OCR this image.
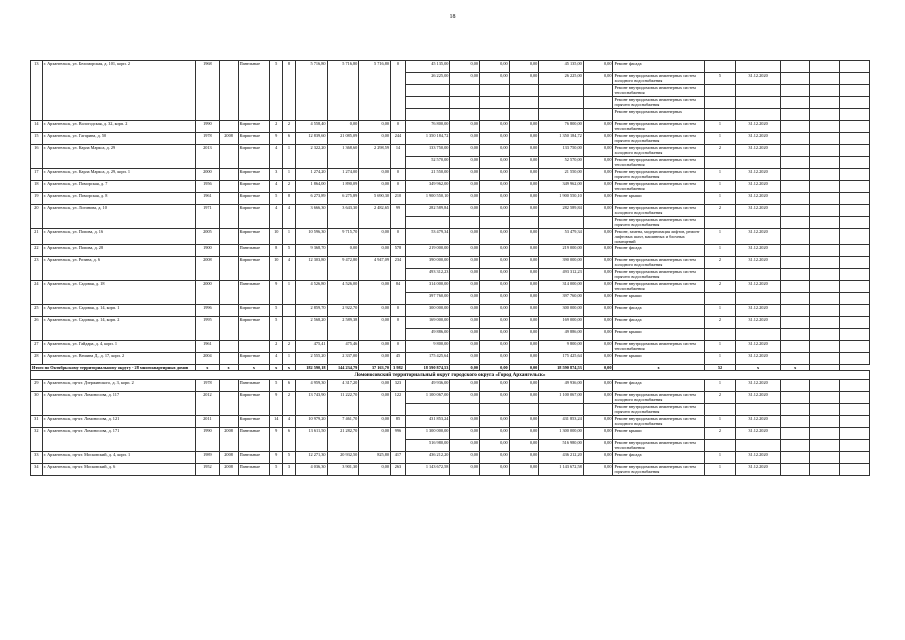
18
13	г. Архангельск, ул. Беломорская, д. 101, корп. 2	1968		Панельные	5	8	5 716,80	5 716,80	5 716,80	0	45 135,00	0,00	0,00	0,00	45 135,00	0,00	Ремонт фасада					
											26 225,00	0,00	0,00	0,00	26 225,00	0,00	Ремонт внутридомовых инженерных систем холодного водоснабжения	5	31.12.2020			
																	Ремонт внутридомовых инженерных систем теплоснабжения					
																	Ремонт внутридомовых инженерных систем горячего водоснабжения					
																	Ремонт внутридомовых инженерных					
14	г. Архангельск, ул. Вологодская, д. 32, корп. 2	1990		Кирпи-ные	2	2	4 558,40	0,00	0,00	0	76 800,00	0,00	0,00	0,00	76 800,00	0,00	Ремонт внутридомовых инженерных систем теплоснабжения	1	31.12.2020			
15	г. Архангельск, ул. Гагарина, д. 50	1978	2008	Кирпи-ные	9	6	12 839,60	21 085,09	0,00	244	1 350 184,72	0,00	0,00	0,00	1 350 184,72	0,00	Ремонт внутридомовых инженерных систем горячего водоснабжения	1	31.12.2020			
16	г. Архангельск, ул. Карла Маркса, д. 29	2013		Кирпи-ные	4	1	2 322,20	1 368,60	2 298,59	14	133 750,00	0,00	0,00	0,00	133 750,00	0,00	Ремонт внутридомовых инженерных систем холодного водоснабжения	2	31.12.2020			
											52 570,00	0,00	0,00	0,00	52 570,00	0,00	Ремонт внутридомовых инженерных систем теплоснабжения					
17	г. Архангельск, ул. Карла Маркса, д. 29, корп. 1	2000		Кирпи-ные	3	1	1 274,20	1 274,00	0,00	0	21 550,00	0,00	0,00	0,00	21 550,00	0,00	Ремонт внутридомовых инженерных систем горячего водоснабжения	1	31.12.2020			
18	г. Архангельск, ул. Поморская, д. 7	1956		Кирпи-ные	4	2	1 864,00	1 890,09	0,00	0	349 962,00	0,00	0,00	0,00	349 962,00	0,00	Ремонт внутридомовых инженерных систем теплоснабжения	1	31.12.2020			
19	г. Архангельск, ул. Поморская, д. 8	1961		Кирпи-ные	5	8	6 273,89	6 275,89	5 690,30	210	1 900 550,10	0,00	0,00	0,00	1 900 550,10	0,00	Ремонт крыши	1	31.12.2020			
20	г. Архангельск, ул. Логинова, д. 10	1971		Кирпи-ные	4	4	3 666,30	3 643,30	2 482,65	99	282 589,84	0,00	0,00	0,00	282 589,84	0,00	Ремонт внутридомовых инженерных систем холодного водоснабжения	2	31.12.2020			
																	Ремонт внутридомовых инженерных систем горячего водоснабжения					
21	г. Архангельск, ул. Попова, д. 16	2005		Кирпи-ные	10	1	10 596,30	9 715,70	0,00	0	53 479,34	0,00	0,00	0,00	53 479,34	0,00	Ремонт, замена, модернизация лифтов, ремонт лифтовых шахт, машинных и блочных помещений	1	31.12.2020			
22	г. Архангельск, ул. Попова, д. 28	1900		Панельные	8	5	9 368,70	0,00	0,00	578	219 000,00	0,00	0,00	0,00	219 000,00	0,00	Ремонт фасада	1	31.12.2020			
23	г. Архангельск, ул. Розина, д. 6	2008		Кирпи-ные	10	4	12 303,80	9 472,80	4 947,09	234	390 000,00	0,00	0,00	0,00	390 000,00	0,00	Ремонт внутридомовых инженерных систем холодного водоснабжения	2	31.12.2020			
											493 312,23	0,00	0,00	0,00	493 312,23	0,00	Ремонт внутридомовых инженерных систем горячего водоснабжения					
24	г. Архангельск, ул. Садовая, д. 18	2000		Панельные	9	1	4 526,80	4 526,00	0,00	84	314 000,00	0,00	0,00	0,00	314 000,00	0,00	Ремонт внутридомовых инженерных систем теплоснабжения	2	31.12.2020			
											397 760,00	0,00	0,00	0,00	397 760,00	0,00	Ремонт крыши					
25	г. Архангельск, ул. Садовая, д. 14, корп. 1	1996		Кирпи-ные	5		2 859,70	2 922,70	0,00	0	300 000,00	0,00	0,00	0,00	300 000,00	0,00	Ремонт фасада	1	31.12.2020			
26	г. Архангельск, ул. Садовая, д. 14, корп. 2	1995		Кирпи-ные	5		2 568,20	2 589,38	0,00	0	169 000,00	0,00	0,00	0,00	169 000,00	0,00	Ремонт фасада	2	31.12.2020			
											49 886,00	0,00	0,00	0,00	49 886,00	0,00	Ремонт крыши					
27	г. Архангельск, ул. Гайдара, д. 4, корп. 1	1961			2	2	475,41	475,46	0,00	0	9 800,00	0,00	0,00	0,00	9 800,00	0,00	Ремонт внутридомовых инженерных систем теплоснабжения	1	31.12.2020			
28	г. Архангельск, ул. Вешина Д., д. 17, корп. 2	2004		Кирпи-ные	4	1	2 555,20	2 337,00	0,00	45	175 425,64	0,00	0,00	0,00	175 425,64	0,00	Ремонт крыши	1	31.12.2020			
Итого по Октябрьскому территориальному округу - 28 многоквартирных домов		x	x	x	x	x	182 590,18	144 234,79	37 163,70	3 982	18 590 874,53	0,00	0,00	0,00	18 590 874,53	0,00	x	52	x	x		
Ломоносовский территориальный округ городского округа «Город Архангельск»																						
29	г. Архангельск, пр-кт. Дзержинского, д. 3, корп. 2	1978		Панельные	5	6	4 959,30	4 317,20	0,00	323	49 936,00	0,00	0,00	0,00	49 936,00	0,00	Ремонт фасада	1	31.12.2020			
30	г. Архангельск, пр-кт. Ломоносова, д. 117	2012		Кирпи-ные	9	2	13 743,90	11 222,70	0,00	122	1 100 067,00	0,00	0,00	0,00	1 100 067,00	0,00	Ремонт внутридомовых инженерных систем холодного водоснабжения	2	31.12.2020			
																	Ремонт внутридомовых инженерных систем горячего водоснабжения					
31	г. Архангельск, пр-кт. Ломоносова, д. 121	2011		Кирпи-ные	14	4	10 979,20	7 461,70	0,00	85	431 853,24	0,00	0,00	0,00	431 853,24	0,00	Ремонт внутридомовых инженерных систем холодного водоснабжения	1	31.12.2020			
32	г. Архангельск, пр-кт. Ломоносова, д. 171	1990	2008	Панельные	9	6	13 611,50	21 282,70	0,00	996	1 300 000,00	0,00	0,00	0,00	1 300 000,00	0,00	Ремонт крыши	2	31.12.2020			
											516 980,00	0,00	0,00	0,00	516 980,00	0,00	Ремонт внутридомовых инженерных систем теплоснабжения					
33	г. Архангельск, пр-кт. Московский, д. 4, корп. 1	1989	2008	Панельные	9	5	12 271,30	20 932,50	825,80	417	436 212,20	0,00	0,00	0,00	436 212,20	0,00	Ремонт фасада	1	31.12.2020			
34	г. Архангельск, пр-кт. Московский, д. 6	1952	2008	Панельные	5	3	4 036,30	3 901,30	0,00	263	1 143 672,58	0,00	0,00	0,00	1 143 672,58	0,00	Ремонт внутридомовых инженерных систем горячего водоснабжения	1	31.12.2020			
